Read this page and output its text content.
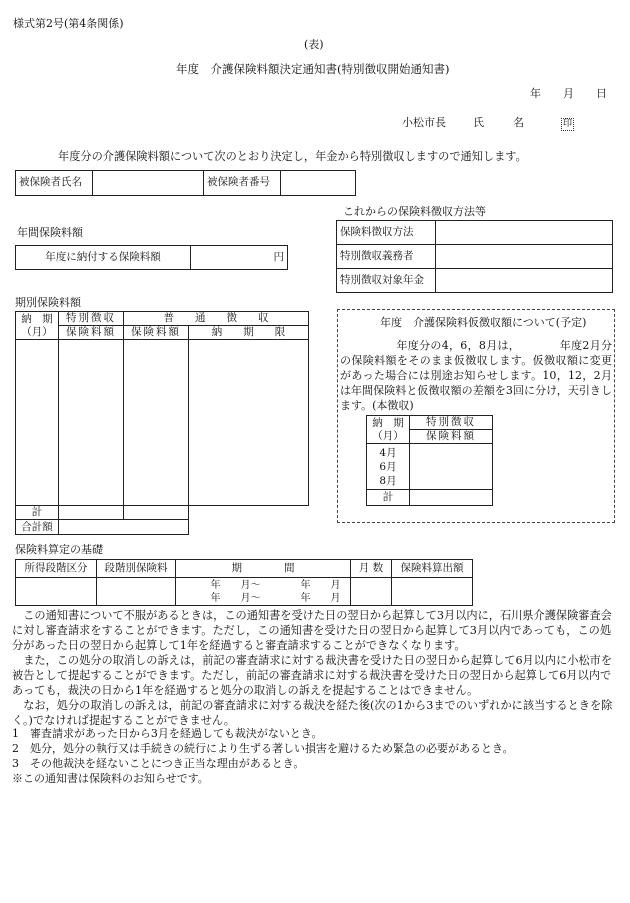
様式第2号(第4条関係)
(表)
年度　介護保険料額決定通知書(特別徴収開始通知書)
年　　月　　日
小松市長 氏	名	印
年度分の介護保険料額について次のとおり決定し，年金から特別徴収しますので通知します。
被保険者氏名		被保険者番号	
年間保険料額
年度に納付する保険料額	円
これからの保険料徴収方法等
保険料徴収方法	
特別徴収義務者	
特別徴収対象年金	
期別保険料額
納　期
（月）	特別徴収	普　　通　　徴　　収	
	保険料額	保険料額	納　　期　　限

計			
合計額			
年度　介護保険料仮徴収額について(予定)
　　　　　年度分の4，6，8月は，　　　　年度2月分の保険料額をそのまま仮徴収します。仮徴収額に変更があった場合には別途お知らせします。10，12，2月は年間保険料と仮徴収額の差額を3回に分け，天引きします。(本徴収)
納　期
（月）	特別徴収
	保険料額
4月
6月
8月	
計	
保険料算定の基礎
所得段階区分	段階別保険料	期　　　　間	月 数	保険料算出額
		年　　月～　　　　年　　月
年　　月～　　　　年　　月		
　この通知書について不服があるときは，この通知書を受けた日の翌日から起算して3月以内に，石川県介護保険審査会に対し審査請求をすることができます。ただし，この通知書を受けた日の翌日から起算して3月以内であっても，この処分があった日の翌日から起算して1年を経過すると審査請求することができなくなります。
　また，この処分の取消しの訴えは，前記の審査請求に対する裁決書を受けた日の翌日から起算して6月以内に小松市を被告として提起することができます。ただし，前記の審査請求に対する裁決書を受けた日の翌日から起算して6月以内であっても，裁決の日から1年を経過すると処分の取消しの訴えを提起することはできません。
　なお，処分の取消しの訴えは，前記の審査請求に対する裁決を経た後(次の1から3までのいずれかに該当するときを除く。)でなければ提起することができません。
1　審査請求があった日から3月を経過しても裁決がないとき。
2　処分，処分の執行又は手続きの続行により生ずる著しい損害を避けるため緊急の必要があるとき。
3　その他裁決を経ないことにつき正当な理由があるとき。
※この通知書は保険料のお知らせです。
